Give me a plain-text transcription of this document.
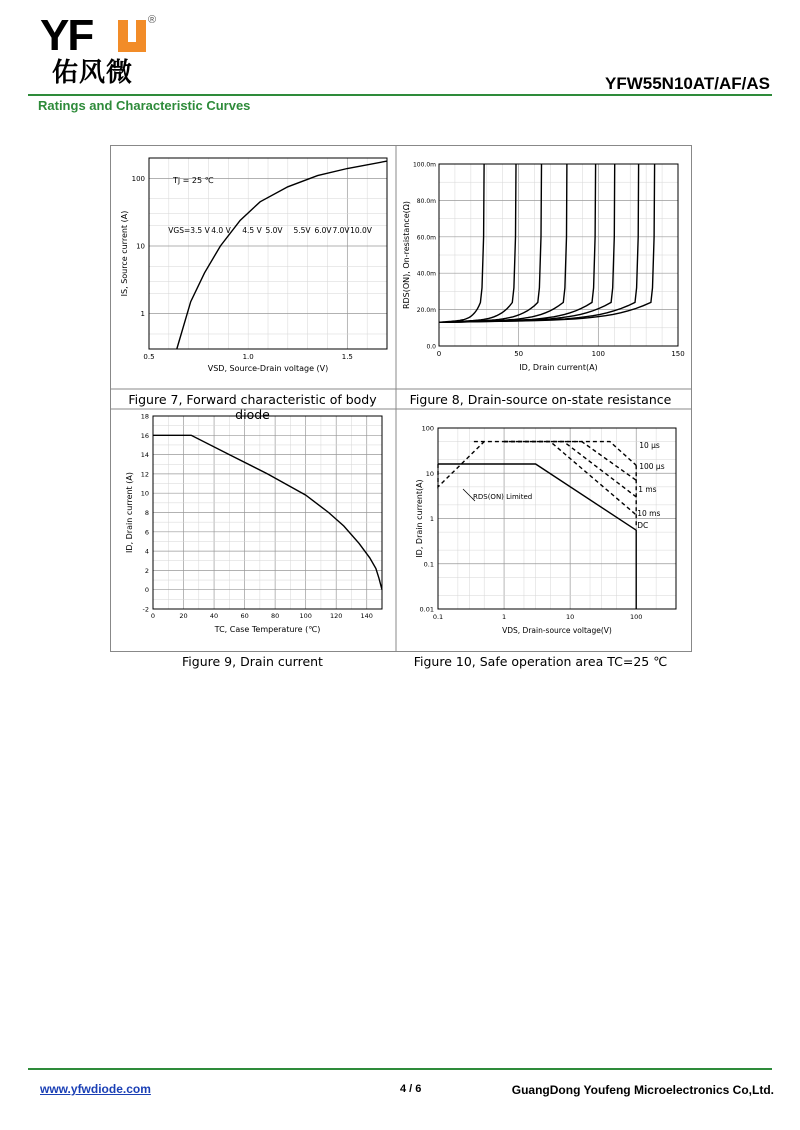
YF	®
佑风微	YFW55N10AT/AF/AS
Ratings and Characteristic Curves
0.5	1.0	1.5
1
10
100
VSD, Source-Drain voltage (V)
IS, Source current (A)
Tj = 25 ℃
0	50	100	150
0.0
20.0m
40.0m
60.0m
80.0m
100.0m
ID, Drain current(A)
RDS(ON), On-resistance(Ω)
VGS=3.5 V 4.0 V 4.5 V 5.0V 5.5V 6.0V 7.0V 10.0V
0	20	40	60	80	100	120	140
-2
0
2
4
6
8
10
12
14
16
18
TC, Case Temperature (℃)
ID, Drain current (A)
0.1	1	10	100
0.01
0.1
1
10
100
VDS, Drain-source voltage(V)
ID, Drain current(A)
10 μs
100 μs
1 ms
10 ms
DC
RDS(ON) Limited
Figure 7, Forward characteristic of body diode
Figure 8, Drain-source on-state resistance
Figure 9, Drain current	Figure 10, Safe operation area TC=25 ℃
www.yfwdiode.com	4 / 6	GuangDong Youfeng Microelectronics Co,Ltd.
